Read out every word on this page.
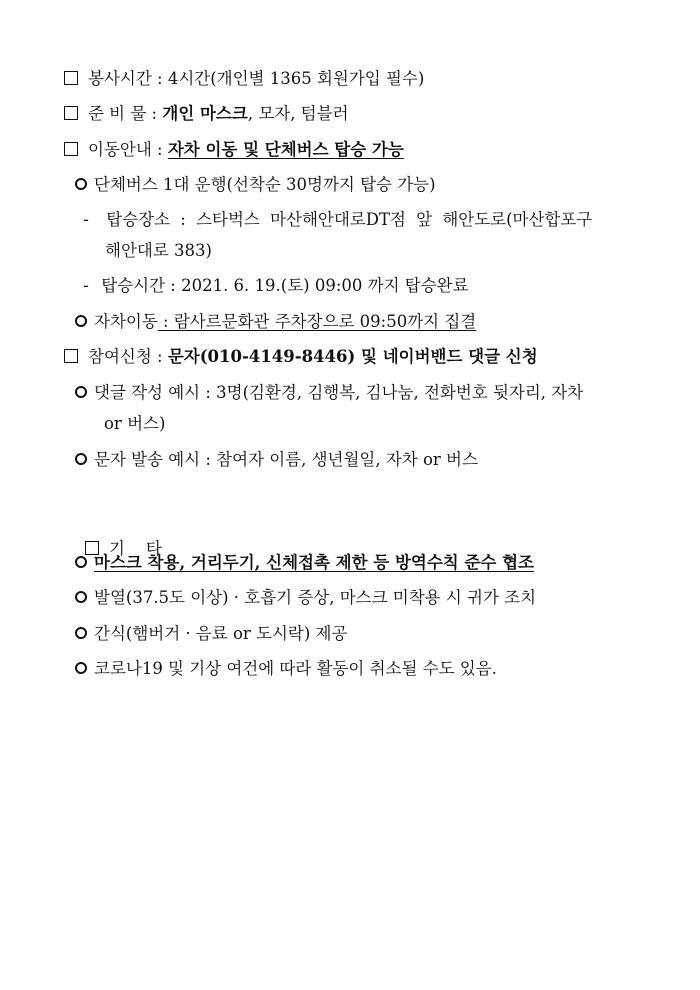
봉사시간 : 4시간(개인별 1365 회원가입 필수)
준 비 물 : 개인 마스크, 모자, 텀블러
이동안내 : 자차 이동 및 단체버스 탑승 가능
단체버스 1대 운행(선착순 30명까지 탑승 가능)
- 탑승장소 : 스타벅스 마산해안대로DT점 앞 해안도로(마산합포구
해안대로 383)
- 탑승시간 : 2021. 6. 19.(토) 09:00 까지 탑승완료
자차이동 : 람사르문화관 주차장으로 09:50까지 집결
참여신청 : 문자(010-4149-8446) 및 네이버밴드 댓글 신청
댓글 작성 예시 : 3명(김환경, 김행복, 김나눔, 전화번호 뒷자리, 자차
or 버스)
문자 발송 예시 : 참여자 이름, 생년월일, 자차 or 버스

기    타

마스크 착용, 거리두기, 신체접촉 제한 등 방역수칙 준수 협조
발열(37.5도 이상) · 호흡기 증상, 마스크 미착용 시 귀가 조치
간식(햄버거 · 음료 or 도시락) 제공
코로나19 및 기상 여건에 따라 활동이 취소될 수도 있음.
